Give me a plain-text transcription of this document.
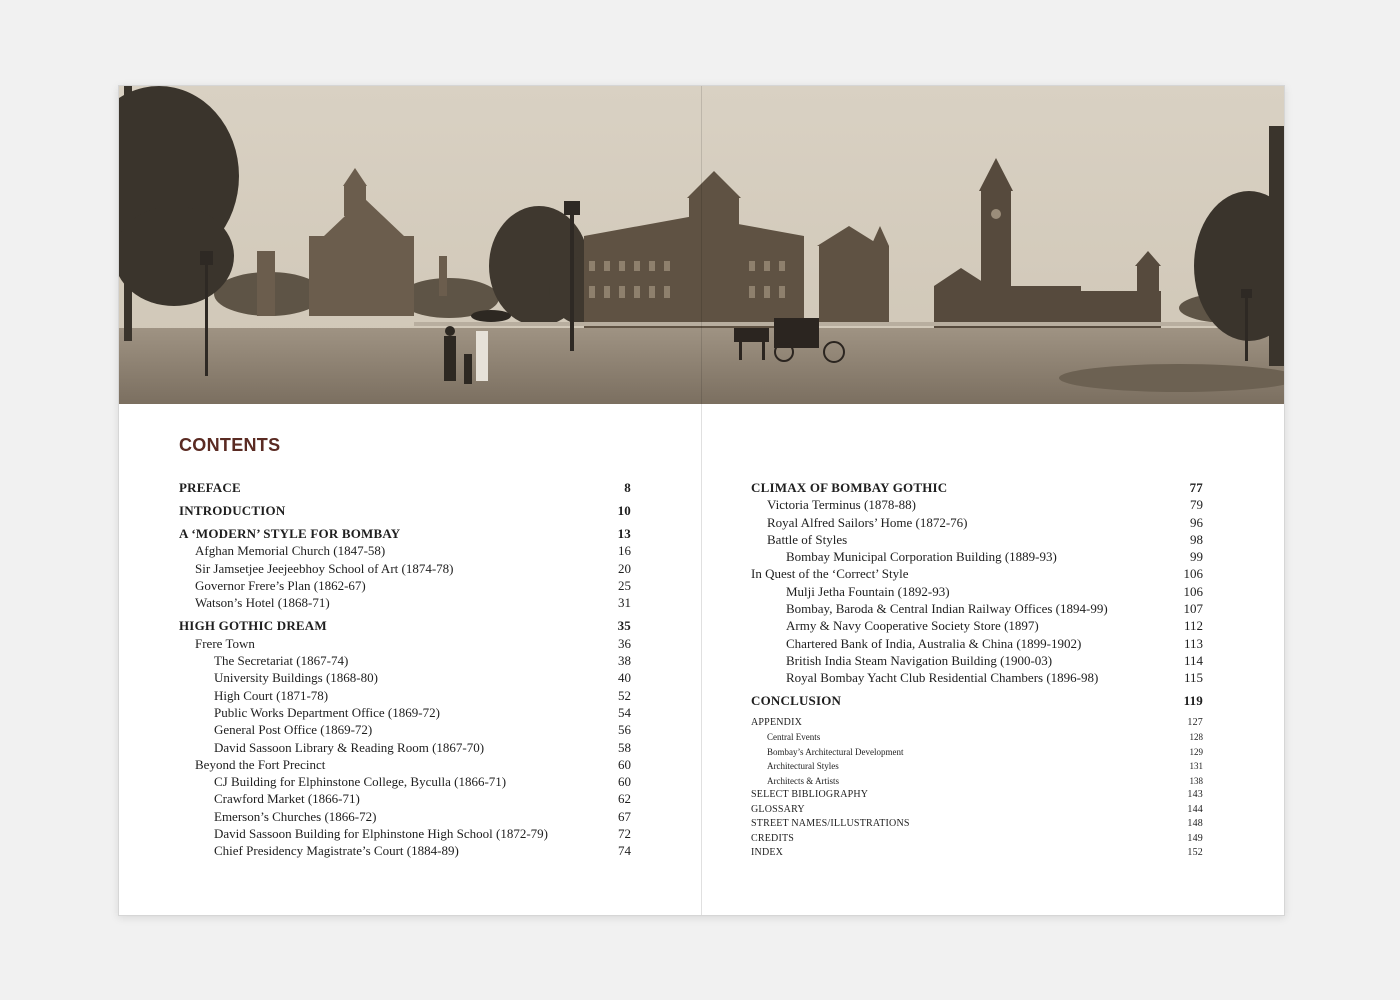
CONTENTS
PREFACE	8
INTRODUCTION	10
A ‘MODERN’ STYLE FOR BOMBAY	13
Afghan Memorial Church (1847-58)	16
Sir Jamsetjee Jeejeebhoy School of Art (1874-78)	20
Governor Frere’s Plan (1862-67)	25
Watson’s Hotel (1868-71)	31
HIGH GOTHIC DREAM	35
Frere Town	36
The Secretariat (1867-74)	38
University Buildings (1868-80)	40
High Court (1871-78)	52
Public Works Department Office (1869-72)	54
General Post Office (1869-72)	56
David Sassoon Library & Reading Room (1867-70)	58
Beyond the Fort Precinct	60
CJ Building for Elphinstone College, Byculla (1866-71)	60
Crawford Market (1866-71)	62
Emerson’s Churches (1866-72)	67
David Sassoon Building for Elphinstone High School (1872-79)	72
Chief Presidency Magistrate’s Court (1884-89)	74
CLIMAX OF BOMBAY GOTHIC	77
Victoria Terminus (1878-88)	79
Royal Alfred Sailors’ Home (1872-76)	96
Battle of Styles	98
Bombay Municipal Corporation Building (1889-93)	99
In Quest of the ‘Correct’ Style	106
Mulji Jetha Fountain (1892-93)	106
Bombay, Baroda & Central Indian Railway Offices (1894-99)	107
Army & Navy Cooperative Society Store (1897)	112
Chartered Bank of India, Australia & China (1899-1902)	113
British India Steam Navigation Building (1900-03)	114
Royal Bombay Yacht Club Residential Chambers (1896-98)	115
CONCLUSION	119
APPENDIX	127
Central Events	128
Bombay’s Architectural Development	129
Architectural Styles	131
Architects & Artists	138
SELECT BIBLIOGRAPHY	143
GLOSSARY	144
STREET NAMES/ILLUSTRATIONS	148
CREDITS	149
INDEX	152
